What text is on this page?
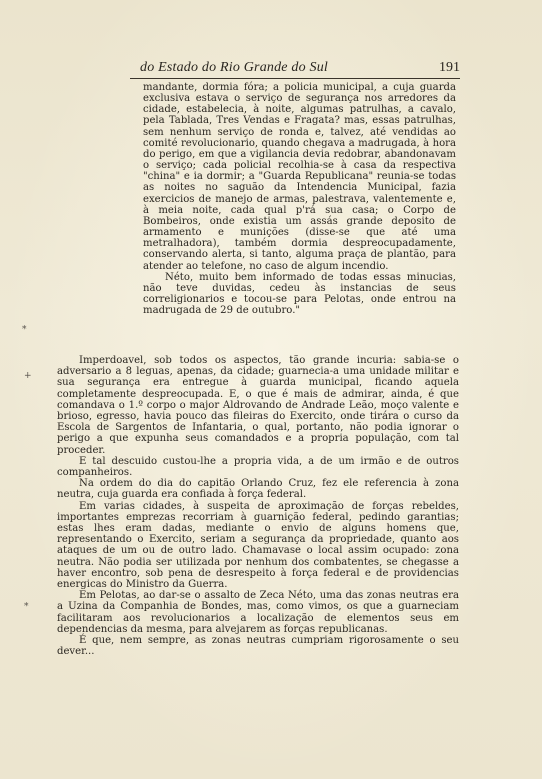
do Estado do Rio Grande do Sul	191

mandante, dormia fóra; a policia municipal, a cuja guarda exclusiva estava o serviço de segurança nos arredores da cidade, estabelecia, à noite, algumas patrulhas, a cavalo, pela Tablada, Tres Vendas e Fragata? mas, essas patrulhas, sem nenhum serviço de ronda e, talvez, até vendidas ao comité revolucionario, quando chegava a madrugada, à hora do perigo, em que a vigilancia devia redobrar, abandonavam o serviço; cada policial recolhia-se à casa da respectiva "china" e ia dormir; a "Guarda Republicana" reunia-se todas as noites no saguão da Intendencia Municipal, fazia exercicios de manejo de armas, palestrava, valentemente e, à meia noite, cada qual p'rá sua casa; o Corpo de Bombeiros, onde existia um assás grande deposito de armamento e munições (disse-se que até uma metralhadora), também dormia despreocupadamente, conservando alerta, si tanto, alguma praça de plantão, para atender ao telefone, no caso de algum incendio.

Néto, muito bem informado de todas essas minucias, não teve duvidas, cedeu às instancias de seus correligionarios e tocou-se para Pelotas, onde entrou na madrugada de 29 de outubro."

Imperdoavel, sob todos os aspectos, tão grande incuria: sabia-se o adversario a 8 leguas, apenas, da cidade; guarnecia-a uma unidade militar e sua segurança era entregue à guarda municipal, ficando aquela completamente despreocupada. E, o que é mais de admirar, ainda, é que comandava o 1.º corpo o major Aldrovando de Andrade Leão, moço valente e brioso, egresso, havia pouco das fileiras do Exercito, onde tirára o curso da Escola de Sargentos de Infantaria, o qual, portanto, não podia ignorar o perigo a que expunha seus comandados e a propria população, com tal proceder.

E tal descuido custou-lhe a propria vida, a de um irmão e de outros companheiros.

Na ordem do dia do capitão Orlando Cruz, fez ele referencia à zona neutra, cuja guarda era confiada à força federal.

Em varias cidades, à suspeita de aproximação de forças rebeldes, importantes emprezas recorriam à guarnição federal, pedindo garantias; estas lhes eram dadas, mediante o envio de alguns homens que, representando o Exercito, seriam a segurança da propriedade, quanto aos ataques de um ou de outro lado. Chamavase o local assim ocupado: zona neutra. Não podia ser utilizada por nenhum dos combatentes, se chegasse a haver encontro, sob pena de desrespeito à força federal e de providencias energicas do Ministro da Guerra.

Em Pelotas, ao dar-se o assalto de Zeca Néto, uma das zonas neutras era a Uzina da Companhia de Bondes, mas, como vimos, os que a guarneciam facilitaram aos revolucionarios a localização de elementos seus em dependencias da mesma, para alvejarem as forças republicanas.

É que, nem sempre, as zonas neutras cumpriam rigorosamente o seu dever...

*
+
*
